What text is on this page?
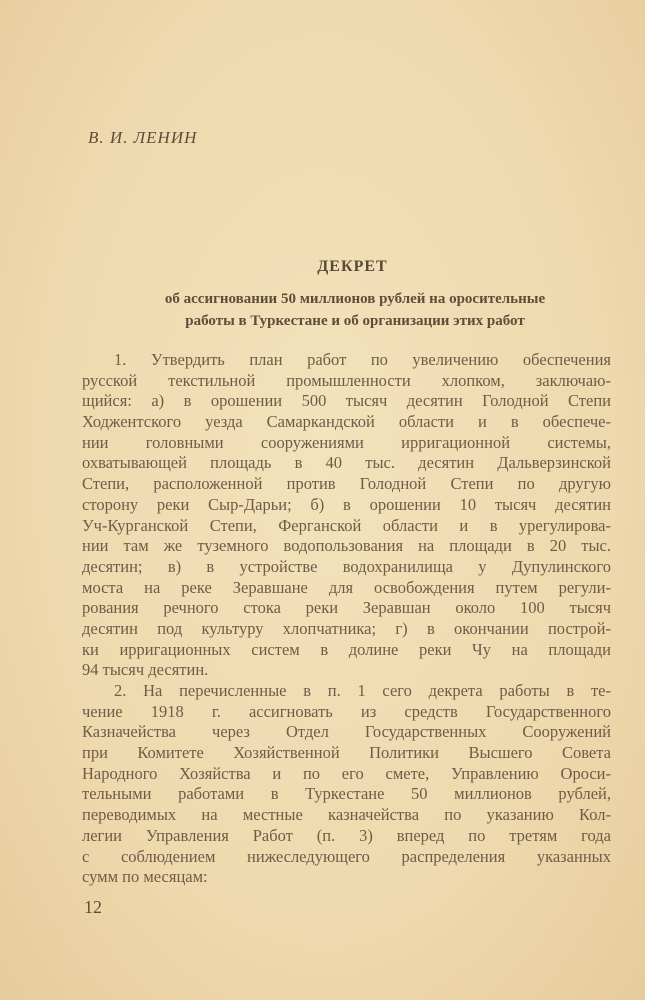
В. И. ЛЕНИН
ДЕКРЕТ
об ассигновании 50 миллионов рублей на оросительные
работы в Туркестане и об организации этих работ
1. Утвердить план работ по увеличению обеспечения
русской текстильной промышленности хлопком, заключаю-
щийся: а) в орошении 500 тысяч десятин Голодной Степи
Ходжентского уезда Самаркандской области и в обеспече-
нии головными сооружениями ирригационной системы,
охватывающей площадь в 40 тыс. десятин Дальверзинской
Степи, расположенной против Голодной Степи по другую
сторону реки Сыр-Дарьи; б) в орошении 10 тысяч десятин
Уч-Курганской Степи, Ферганской области и в урегулирова-
нии там же туземного водопользования на площади в 20 тыс.
десятин; в) в устройстве водохранилища у Дупулинского
моста на реке Зеравшане для освобождения путем регули-
рования речного стока реки Зеравшан около 100 тысяч
десятин под культуру хлопчатника; г) в окончании построй-
ки ирригационных систем в долине реки Чу на площади
94 тысяч десятин.
2. На перечисленные в п. 1 сего декрета работы в те-
чение 1918 г. ассигновать из средств Государственного
Казначейства через Отдел Государственных Сооружений
при Комитете Хозяйственной Политики Высшего Совета
Народного Хозяйства и по его смете, Управлению Ороси-
тельными работами в Туркестане 50 миллионов рублей,
переводимых на местные казначейства по указанию Кол-
легии Управления Работ (п. 3) вперед по третям года
с соблюдением нижеследующего распределения указанных
сумм по месяцам:
12
